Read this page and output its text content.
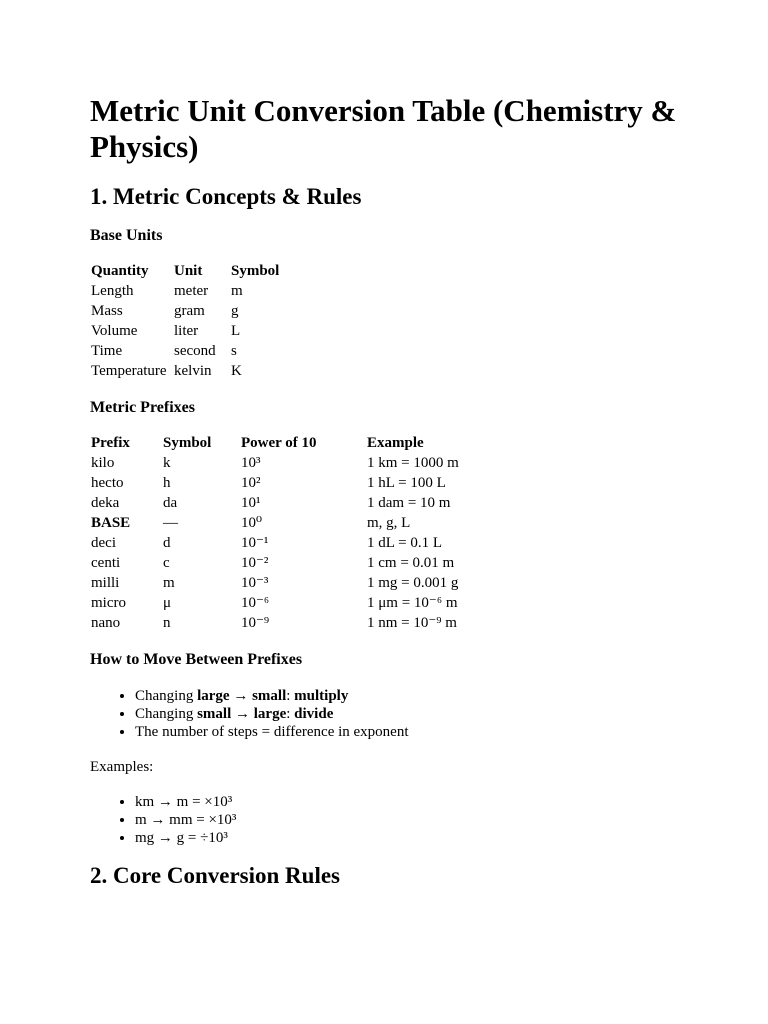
Metric Unit Conversion Table (Chemistry & Physics)
1. Metric Concepts & Rules
Base Units
Quantity	Unit	Symbol
Length	meter	m
Mass	gram	g
Volume	liter	L
Time	second	s
Temperature	kelvin	K
Metric Prefixes
Prefix	Symbol	Power of 10	Example
kilo	k	10³	1 km = 1000 m
hecto	h	10²	1 hL = 100 L
deka	da	10¹	1 dam = 10 m
BASE	—	10⁰	m, g, L
deci	d	10⁻¹	1 dL = 0.1 L
centi	c	10⁻²	1 cm = 0.01 m
milli	m	10⁻³	1 mg = 0.001 g
micro	μ	10⁻⁶	1 μm = 10⁻⁶ m
nano	n	10⁻⁹	1 nm = 10⁻⁹ m
How to Move Between Prefixes
• Changing large → small: multiply
• Changing small → large: divide
• The number of steps = difference in exponent

Examples:

• km → m = ×10³
• m → mm = ×10³
• mg → g = ÷10³
2. Core Conversion Rules
